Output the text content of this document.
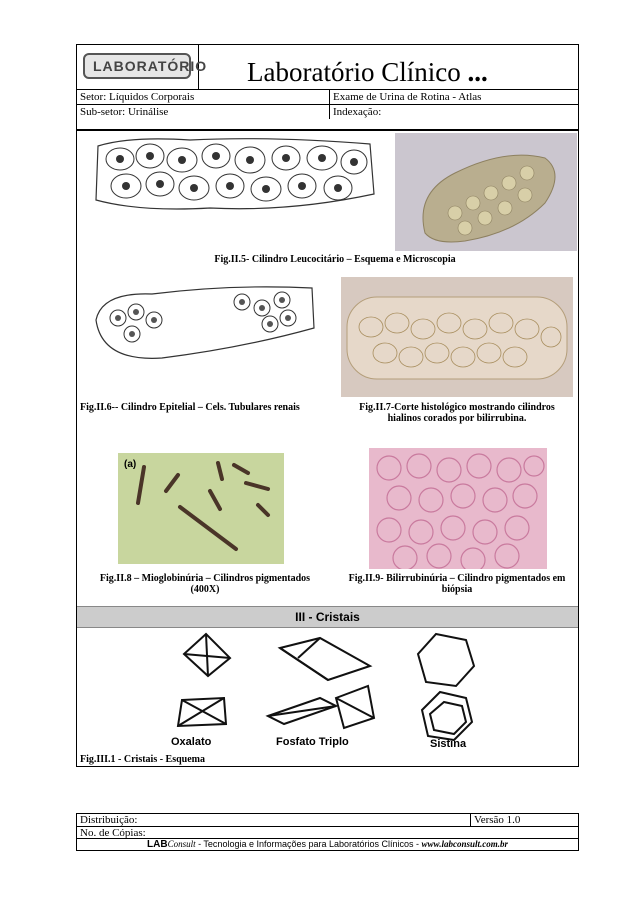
LABORATÓRIO Laboratório Clínico ...
Setor: Líquidos Corporais	Exame de Urina de Rotina - Atlas
Sub-setor: Urinálise	Indexação:
Fig.II.5- Cilindro Leucocitário – Esquema e Microscopia
Fig.II.6-- Cilindro Epitelial – Cels. Tubulares renais	Fig.II.7-Corte histológico mostrando cilindros
hialinos corados por bilirrubina.
(a)
Fig.II.8 – Mioglobinúria – Cilindros pigmentados
(400X)
Fig.II.9- Bilirrubinúria – Cilindro pigmentados em
biópsia
III - Cristais
Oxalato	Fosfato Triplo	Sistina
Fig.III.1 - Cristais - Esquema
Distribuição:	Versão 1.0
No. de Cópias:
LABConsult - Tecnologia e Informações para Laboratórios Clínicos - www.labconsult.com.br
